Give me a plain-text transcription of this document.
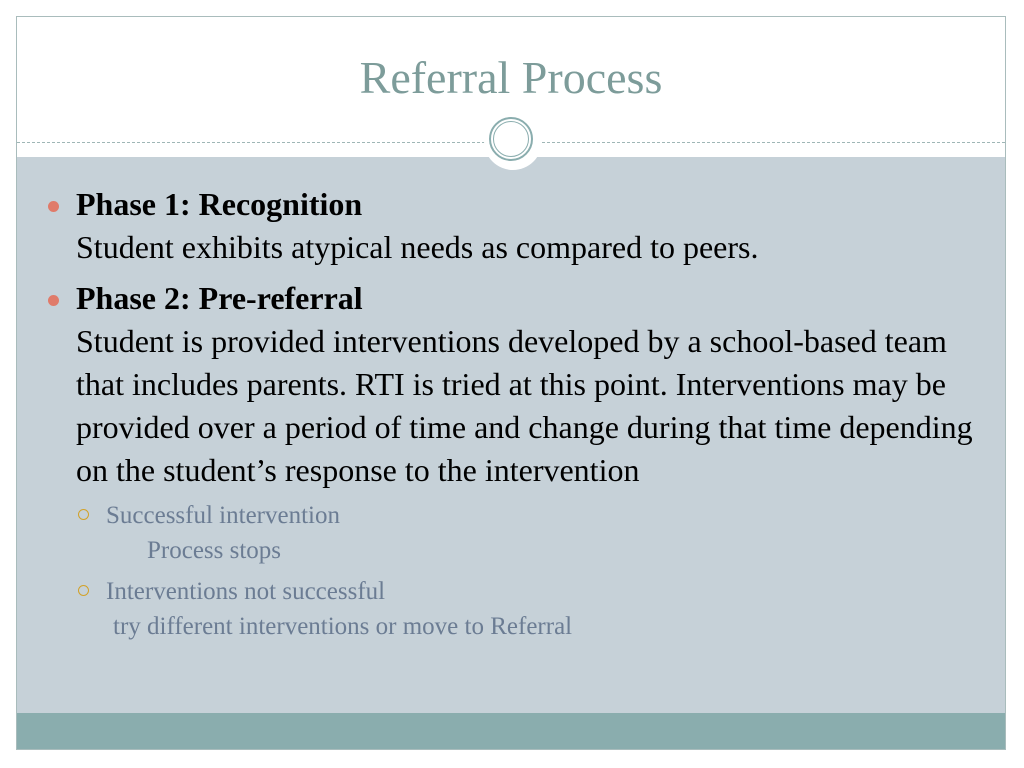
Referral Process
Phase 1: Recognition
Student exhibits atypical needs as compared to peers.
Phase 2: Pre-referral
Student is provided interventions developed by a school-based team that includes parents. RTI is tried at this point. Interventions may be provided over a period of time and change during that time depending on the student’s response to the intervention
Successful intervention
Process stops
Interventions not successful
try different interventions or move to Referral
